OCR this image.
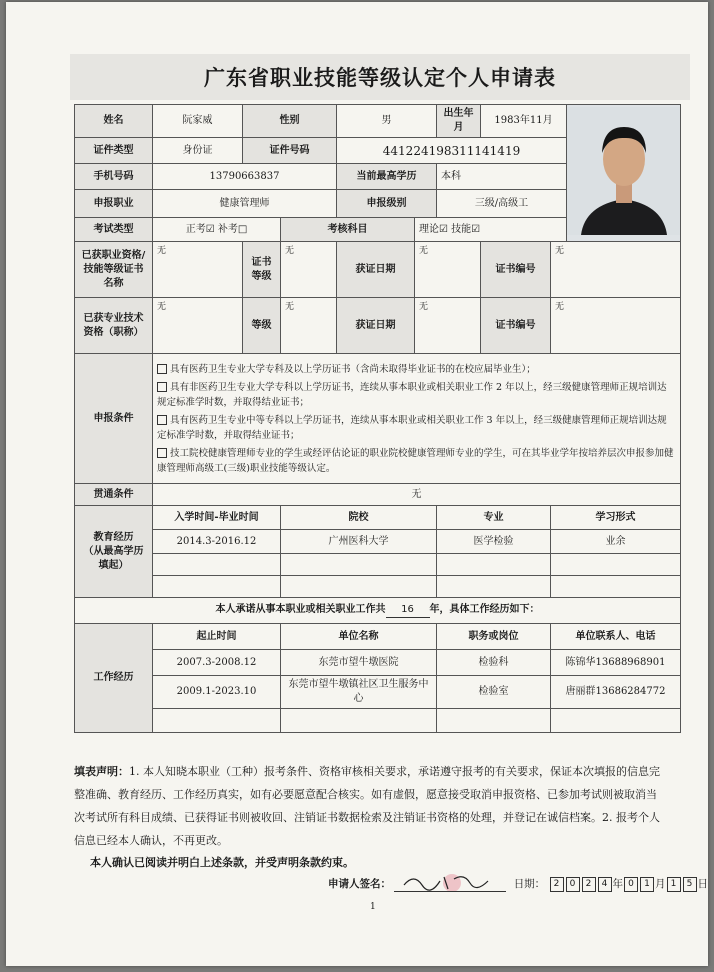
广东省职业技能等级认定个人申请表
姓名	阮家威	性别		男		出生年月	1983年11月	
证件类型	身份证	证件号码		441224198311141419					
手机号码	13790663837			当前最高学历		本科			
申报职业	健康管理师			申报级别		三级/高级工			
考试类型	正考☑ 补考□		考核科目		理论☑ 技能☑				
已获职业资格/技能等级证书名称	无	证书等级	无	获证日期	无		证书编号	无	
已获专业技术资格（职称）	无	等级	无	获证日期	无		证书编号	无	
申报条件	具有医药卫生专业大学专科及以上学历证书（含尚未取得毕业证书的在校应届毕业生）；

具有非医药卫生专业大学专科以上学历证书，连续从事本职业或相关职业工作 2 年以上，经三级健康管理师正规培训达规定标准学时数，并取得结业证书；

具有医药卫生专业中等专科以上学历证书，连续从事本职业或相关职业工作 3 年以上，经三级健康管理师正规培训达规定标准学时数，并取得结业证书；

技工院校健康管理师专业的学生或经评估论证的职业院校健康管理师专业的学生，可在其毕业学年按培养层次申报参加健康管理师高级工(三级)职业技能等级认定。								

贯通条件	无								
教育经历
（从最高学历填起）	入学时间-毕业时间		院校			专业		学习形式	
	2014.3-2016.12		广州医科大学			医学检验		业余	

本人承诺从事本职业或相关职业工作共 16 年，具体工作经历如下：									
工作经历	起止时间		单位名称			职务或岗位		单位联系人、电话	
	2007.3-2008.12		东莞市望牛墩医院			检验科		陈锦华13688968901	
	2009.1-2023.10		东莞市望牛墩镇社区卫生服务中心			检验室		唐丽群13686284772	

填表声明：1. 本人知晓本职业（工种）报考条件、资格审核相关要求，承诺遵守报考的有关要求，保证本次填报的信息完整准确、教育经历、工作经历真实，如有必要愿意配合核实。如有虚假，愿意接受取消申报资格、已参加考试则被取消当次考试所有科目成绩、已获得证书则被收回、注销证书数据检索及注销证书资格的处理，并登记在诚信档案。2. 报考个人信息已经本人确认，不再更改。
本人确认已阅读并明白上述条款，并受声明条款约束。
申请人签名：	日期： 2 0 2 4 年 0 1 月 1 5 日
1
